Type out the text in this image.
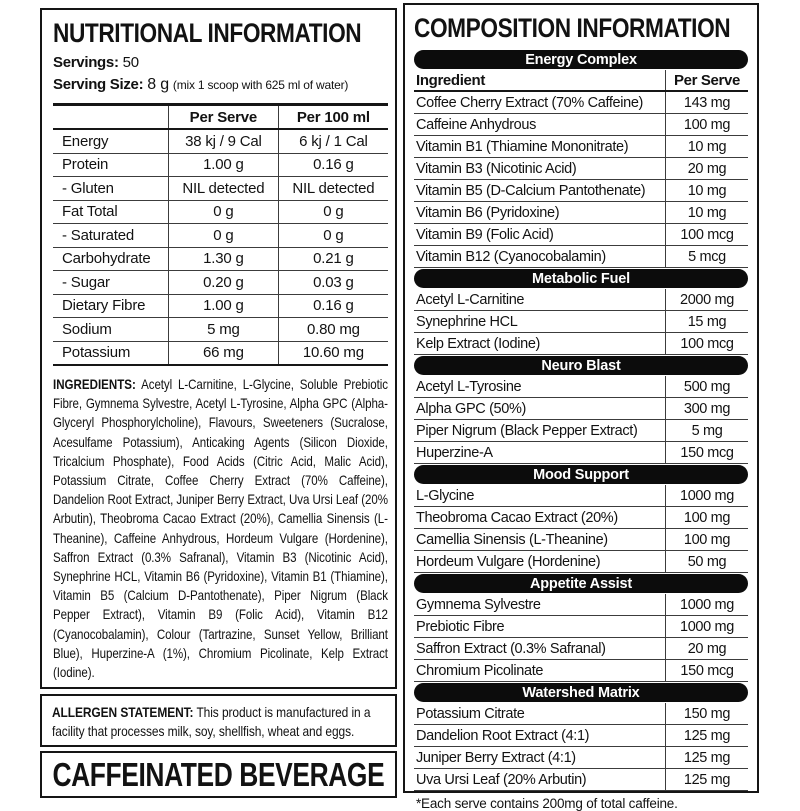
NUTRITIONAL INFORMATION
Servings: 50
Serving Size: 8 g (mix 1 scoop with 625 ml of water)
	Per Serve	Per 100 ml
Energy	38 kj / 9 Cal	6 kj / 1 Cal
Protein	1.00 g	0.16 g
- Gluten	NIL detected	NIL detected
Fat Total	0 g	0 g
- Saturated	0 g	0 g
Carbohydrate	1.30 g	0.21 g
- Sugar	0.20 g	0.03 g
Dietary Fibre	1.00 g	0.16 g
Sodium	5 mg	0.80 mg
Potassium	66 mg	10.60 mg

INGREDIENTS: Acetyl L-Carnitine, L-Glycine, Soluble Prebiotic Fibre, Gymnema Sylvestre, Acetyl L-Tyrosine, Alpha GPC (Alpha-Glyceryl Phosphorylcholine), Flavours, Sweeteners (Sucralose, Acesulfame Potassium), Anticaking Agents (Silicon Dioxide, Tricalcium Phosphate), Food Acids (Citric Acid, Malic Acid), Potassium Citrate, Coffee Cherry Extract (70% Caffeine), Dandelion Root Extract, Juniper Berry Extract, Uva Ursi Leaf (20% Arbutin), Theobroma Cacao Extract (20%), Camellia Sinensis (L-Theanine), Caffeine Anhydrous, Hordeum Vulgare (Hordenine), Saffron Extract (0.3% Safranal), Vitamin B3 (Nicotinic Acid), Synephrine HCL, Vitamin B6 (Pyridoxine), Vitamin B1 (Thiamine), Vitamin B5 (Calcium D-Pantothenate), Piper Nigrum (Black Pepper Extract), Vitamin B9 (Folic Acid), Vitamin B12 (Cyanocobalamin), Colour (Tartrazine, Sunset Yellow, Brilliant Blue), Huperzine-A (1%), Chromium Picolinate, Kelp Extract (Iodine).

ALLERGEN STATEMENT: This product is manufactured in a facility that processes milk, soy, shellfish, wheat and eggs.
CAFFEINATED BEVERAGE
COMPOSITION INFORMATION
Energy Complex
Ingredient	Per Serve
Coffee Cherry Extract (70% Caffeine)	143 mg
Caffeine Anhydrous	100 mg
Vitamin B1 (Thiamine Mononitrate)	10 mg
Vitamin B3 (Nicotinic Acid)	20 mg
Vitamin B5 (D-Calcium Pantothenate)	10 mg
Vitamin B6 (Pyridoxine)	10 mg
Vitamin B9 (Folic Acid)	100 mcg
Vitamin B12 (Cyanocobalamin)	5 mcg
Metabolic Fuel
Acetyl L-Carnitine	2000 mg
Synephrine HCL	15 mg
Kelp Extract (Iodine)	100 mcg
Neuro Blast
Acetyl L-Tyrosine	500 mg
Alpha GPC (50%)	300 mg
Piper Nigrum (Black Pepper Extract)	5 mg
Huperzine-A	150 mcg
Mood Support
L-Glycine	1000 mg
Theobroma Cacao Extract (20%)	100 mg
Camellia Sinensis (L-Theanine)	100 mg
Hordeum Vulgare (Hordenine)	50 mg
Appetite Assist
Gymnema Sylvestre	1000 mg
Prebiotic Fibre	1000 mg
Saffron Extract (0.3% Safranal)	20 mg
Chromium Picolinate	150 mcg
Watershed Matrix
Potassium Citrate	150 mg
Dandelion Root Extract (4:1)	125 mg
Juniper Berry Extract (4:1)	125 mg
Uva Ursi Leaf (20% Arbutin)	125 mg
*Each serve contains 200mg of total caffeine.
